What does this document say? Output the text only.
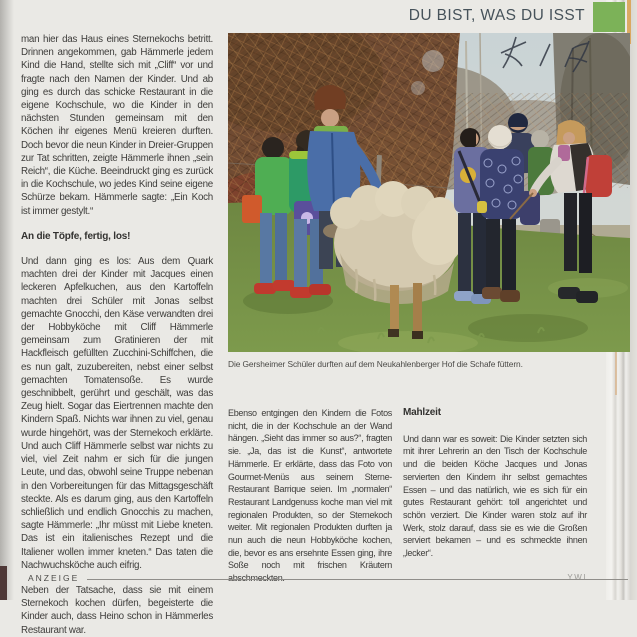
DU BIST, WAS DU ISST

man hier das Haus eines Sternekochs betritt. Drinnen angekommen, gab Hämmerle jedem Kind die Hand, stellte sich mit „Cliff“ vor und fragte nach den Namen der Kinder. Und ab ging es durch das schicke Restaurant in die eigene Kochschule, wo die Kinder in den nächsten Stunden gemeinsam mit den Köchen ihr eigenes Menü kreieren durften. Doch bevor die neun Kinder in Dreier-Gruppen zur Tat schritten, zeigte Hämmerle ihnen „sein Reich“, die Küche. Beeindruckt ging es zurück in die Kochschule, wo jedes Kind seine eigene Schürze bekam. Hämmerle sagte: „Ein Koch ist immer gestylt.“

An die Töpfe, fertig, los!

Und dann ging es los: Aus dem Quark machten drei der Kinder mit Jacques einen leckeren Apfelkuchen, aus den Kartoffeln machten drei Schüler mit Jonas selbst gemachte Gnocchi, den Käse verwandten drei der Hobbyköche mit Cliff Hämmerle gemeinsam zum Gratinieren der mit Hackfleisch gefüllten Zucchini-Schiffchen, die es nun galt, zuzubereiten, nebst einer selbst gemachten Tomatensoße. Es wurde geschnibbelt, gerührt und geschält, was das Zeug hielt. Sogar das Eiertrennen machte den Kindern Spaß. Nichts war ihnen zu viel, genau wurde hingehört, was der Sternekoch erklärte. Und auch Cliff Hämmerle selbst war nichts zu viel, viel Zeit nahm er sich für die jungen Leute, und das, obwohl seine Truppe nebenan in den Vorbereitungen für das Mittagsgeschäft steckte. Als es darum ging, aus den Kartoffeln schließlich und endlich Gnocchis zu machen, sagte Hämmerle: „Ihr müsst mit Liebe kneten. Das ist ein italienisches Rezept und die Italiener wollen immer kneten.“ Das taten die Nachwuchsköche auch eifrig.

Neben der Tatsache, dass sie mit einem Sternekoch kochen dürfen, begeisterte die Kinder auch, dass Heino schon in Hämmerles Restaurant war.

Die Gersheimer Schüler durften auf dem Neukahlenberger Hof die Schafe füttern.

Ebenso entgingen den Kindern die Fotos nicht, die in der Kochschule an der Wand hängen. „Sieht das immer so aus?“, fragten sie. „Ja, das ist die Kunst“, antwortete Hämmerle. Er erklärte, dass das Foto von Gourmet-Menüs aus seinem Sterne-Restaurant Barrique seien. Im „normalen“ Restaurant Landgenuss koche man viel mit regionalen Produkten, so der Sternekoch weiter. Mit regionalen Produkten durften ja nun auch die neun Hobbyköche kochen, die, bevor es ans ersehnte Essen ging, ihre Soße noch mit frischen Kräutern abschmeckten.

Mahlzeit

Und dann war es soweit: Die Kinder setzten sich mit ihrer Lehrerin an den Tisch der Kochschule und die beiden Köche Jacques und Jonas servierten den Kindern ihr selbst gemachtes Essen – und das natürlich, wie es sich für ein gutes Restaurant gehört: toll angerichtet und schön verziert. Die Kinder waren stolz auf ihr Werk, stolz darauf, dass sie es wie die Großen serviert bekamen – und es schmeckte ihnen „lecker“.

YWI
ANZEIGE
